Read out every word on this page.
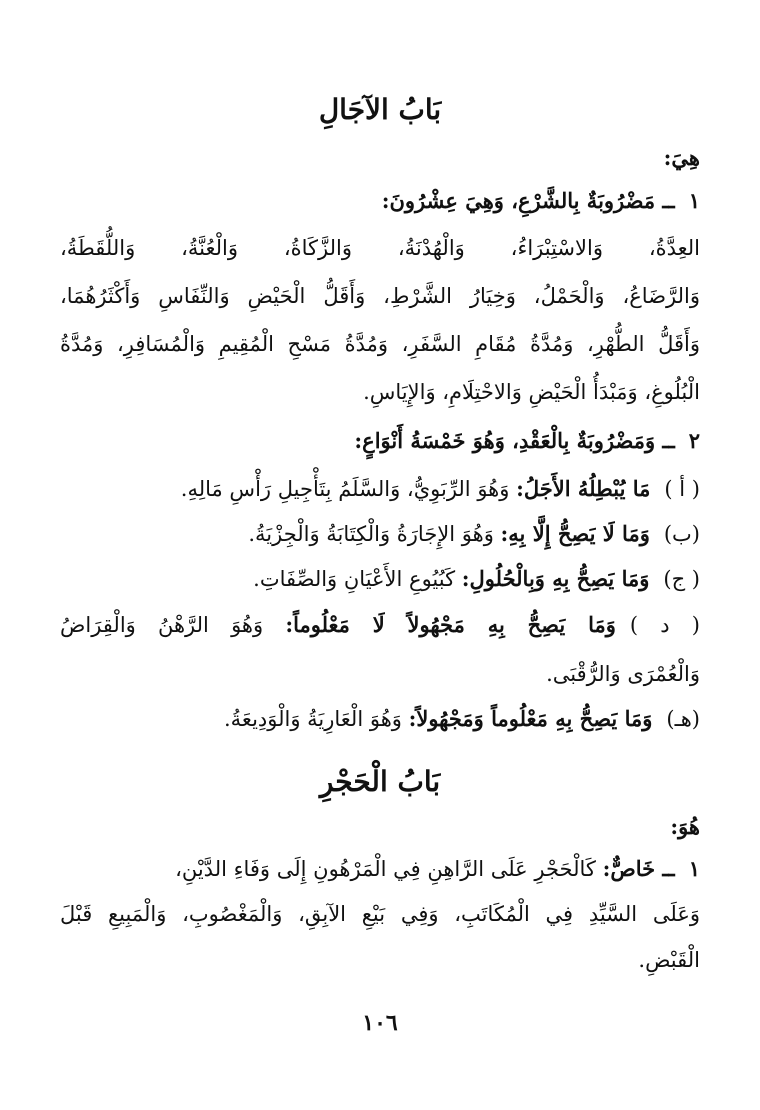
بَابُ الآجَالِ
هِيَ:
١ــ مَضْرُوبَةٌ بِالشَّرْعِ، وَهِيَ عِشْرُونَ:
العِدَّةُ، وَالاسْتِبْرَاءُ، وَالْهُدْنَةُ، وَالزَّكَاةُ، وَالْعُنَّةُ، وَاللُّقَطَةُ،
وَالرَّضَاعُ، وَالْحَمْلُ، وَخِيَارُ الشَّرْطِ، وَأَقَلُّ الْحَيْضِ وَالنِّفَاسِ وَأَكْثَرُهُمَا،
وَأَقَلُّ الطُّهْرِ، وَمُدَّةُ مُقَامِ السَّفَرِ، وَمُدَّةُ مَسْحِ الْمُقِيمِ وَالْمُسَافِرِ، وَمُدَّةُ
الْبُلُوغِ، وَمَبْدَأُ الْحَيْضِ وَالاحْتِلَامِ، وَالإِيَاسِ.
٢ــ وَمَضْرُوبَةٌ بِالْعَقْدِ، وَهُوَ خَمْسَةُ أَنْوَاعٍ:
( أ )مَا يُبْطِلُهُ الأَجَلُ: وَهُوَ الرِّبَوِيُّ، وَالسَّلَمُ بِتَأْجِيلِ رَأْسِ مَالِهِ.
(ب)وَمَا لَا يَصِحُّ إِلَّا بِهِ: وَهُوَ الإِجَارَةُ وَالْكِتَابَةُ وَالْجِزْيَةُ.
( ج)وَمَا يَصِحُّ بِهِ وَبِالْحُلُولِ: كَبُيُوعِ الأَعْيَانِ وَالصِّفَاتِ.
( د )وَمَا يَصِحُّ بِهِ مَجْهُولاً لَا مَعْلُوماً: وَهُوَ الرَّهْنُ وَالْقِرَاضُ
وَالْعُمْرَى وَالرُّقْبَى.
(هـ)وَمَا يَصِحُّ بِهِ مَعْلُوماً وَمَجْهُولاً: وَهُوَ الْعَارِيَةُ وَالْوَدِيعَةُ.
بَابُ الْحَجْرِ
هُوَ:
١ــ خَاصٌّ: كَالْحَجْرِ عَلَى الرَّاهِنِ فِي الْمَرْهُونِ إِلَى وَفَاءِ الدَّيْنِ،
وَعَلَى السَّيِّدِ فِي الْمُكَاتَبِ، وَفِي بَيْعِ الآبِقِ، وَالْمَغْصُوبِ، وَالْمَبِيعِ قَبْلَ
الْقَبْضِ.
١٠٦
